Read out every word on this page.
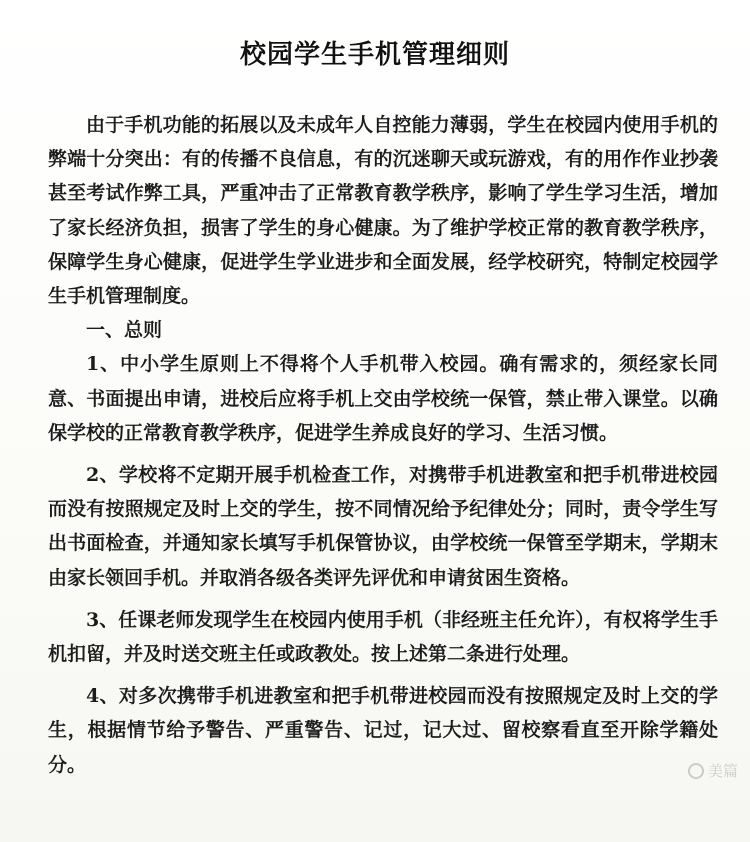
校园学生手机管理细则

由于手机功能的拓展以及未成年人自控能力薄弱，学生在校园内使用手机的弊端十分突出：有的传播不良信息，有的沉迷聊天或玩游戏，有的用作作业抄袭甚至考试作弊工具，严重冲击了正常教育教学秩序，影响了学生学习生活，增加了家长经济负担，损害了学生的身心健康。为了维护学校正常的教育教学秩序，保障学生身心健康，促进学生学业进步和全面发展，经学校研究，特制定校园学生手机管理制度。

一、总则

1、中小学生原则上不得将个人手机带入校园。确有需求的，须经家长同意、书面提出申请，进校后应将手机上交由学校统一保管，禁止带入课堂。以确保学校的正常教育教学秩序，促进学生养成良好的学习、生活习惯。

2、学校将不定期开展手机检查工作，对携带手机进教室和把手机带进校园而没有按照规定及时上交的学生，按不同情况给予纪律处分；同时，责令学生写出书面检查，并通知家长填写手机保管协议，由学校统一保管至学期末，学期末由家长领回手机。并取消各级各类评先评优和申请贫困生资格。

3、任课老师发现学生在校园内使用手机（非经班主任允许），有权将学生手机扣留，并及时送交班主任或政教处。按上述第二条进行处理。

4、对多次携带手机进教室和把手机带进校园而没有按照规定及时上交的学生，根据情节给予警告、严重警告、记过，记大过、留校察看直至开除学籍处分。	美篇
